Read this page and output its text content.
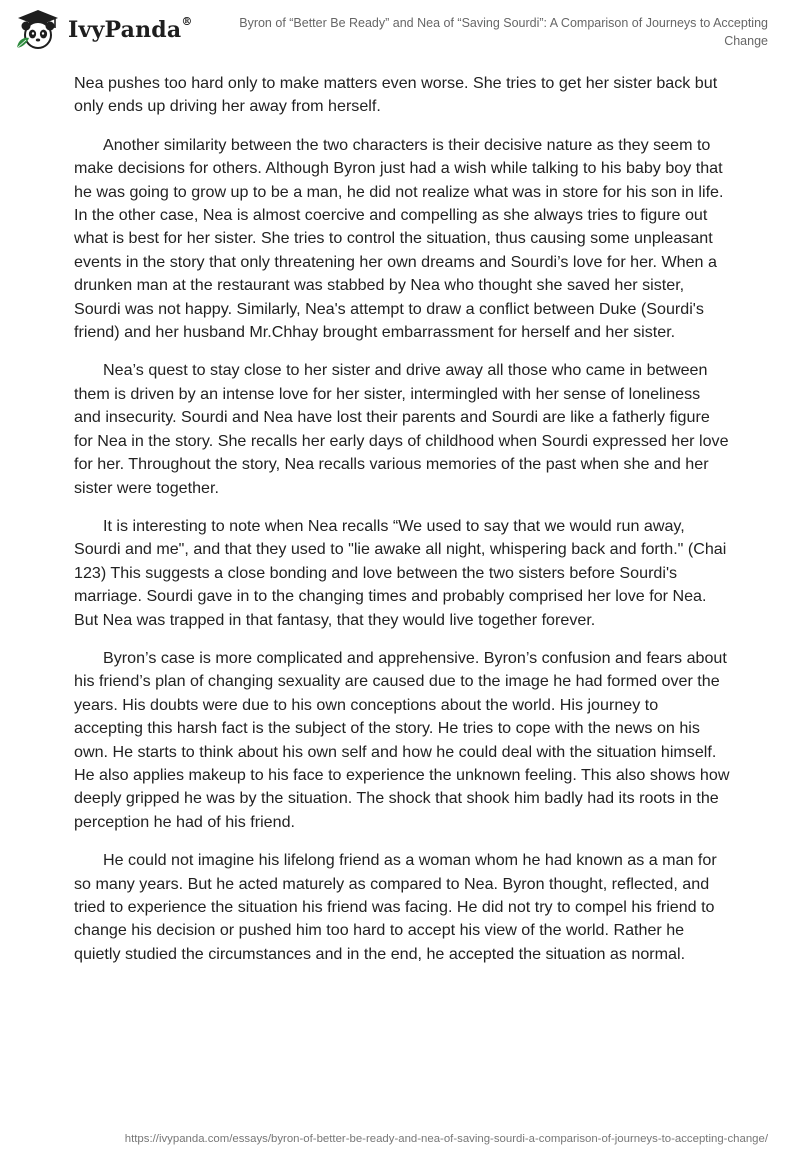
IvyPanda®	Byron of “Better Be Ready” and Nea of “Saving Sourdi”: A Comparison of Journeys to Accepting Change

Nea pushes too hard only to make matters even worse. She tries to get her sister back but only ends up driving her away from herself.

Another similarity between the two characters is their decisive nature as they seem to make decisions for others. Although Byron just had a wish while talking to his baby boy that he was going to grow up to be a man, he did not realize what was in store for his son in life. In the other case, Nea is almost coercive and compelling as she always tries to figure out what is best for her sister. She tries to control the situation, thus causing some unpleasant events in the story that only threatening her own dreams and Sourdi’s love for her. When a drunken man at the restaurant was stabbed by Nea who thought she saved her sister, Sourdi was not happy. Similarly, Nea's attempt to draw a conflict between Duke (Sourdi's friend) and her husband Mr.Chhay brought embarrassment for herself and her sister.

Nea’s quest to stay close to her sister and drive away all those who came in between them is driven by an intense love for her sister, intermingled with her sense of loneliness and insecurity. Sourdi and Nea have lost their parents and Sourdi are like a fatherly figure for Nea in the story. She recalls her early days of childhood when Sourdi expressed her love for her. Throughout the story, Nea recalls various memories of the past when she and her sister were together.

It is interesting to note when Nea recalls “We used to say that we would run away, Sourdi and me", and that they used to "lie awake all night, whispering back and forth." (Chai 123) This suggests a close bonding and love between the two sisters before Sourdi's marriage. Sourdi gave in to the changing times and probably comprised her love for Nea. But Nea was trapped in that fantasy, that they would live together forever.

Byron’s case is more complicated and apprehensive. Byron’s confusion and fears about his friend’s plan of changing sexuality are caused due to the image he had formed over the years. His doubts were due to his own conceptions about the world. His journey to accepting this harsh fact is the subject of the story. He tries to cope with the news on his own. He starts to think about his own self and how he could deal with the situation himself. He also applies makeup to his face to experience the unknown feeling. This also shows how deeply gripped he was by the situation. The shock that shook him badly had its roots in the perception he had of his friend.

He could not imagine his lifelong friend as a woman whom he had known as a man for so many years. But he acted maturely as compared to Nea. Byron thought, reflected, and tried to experience the situation his friend was facing. He did not try to compel his friend to change his decision or pushed him too hard to accept his view of the world. Rather he quietly studied the circumstances and in the end, he accepted the situation as normal.

https://ivypanda.com/essays/byron-of-better-be-ready-and-nea-of-saving-sourdi-a-comparison-of-journeys-to-accepting-change/
